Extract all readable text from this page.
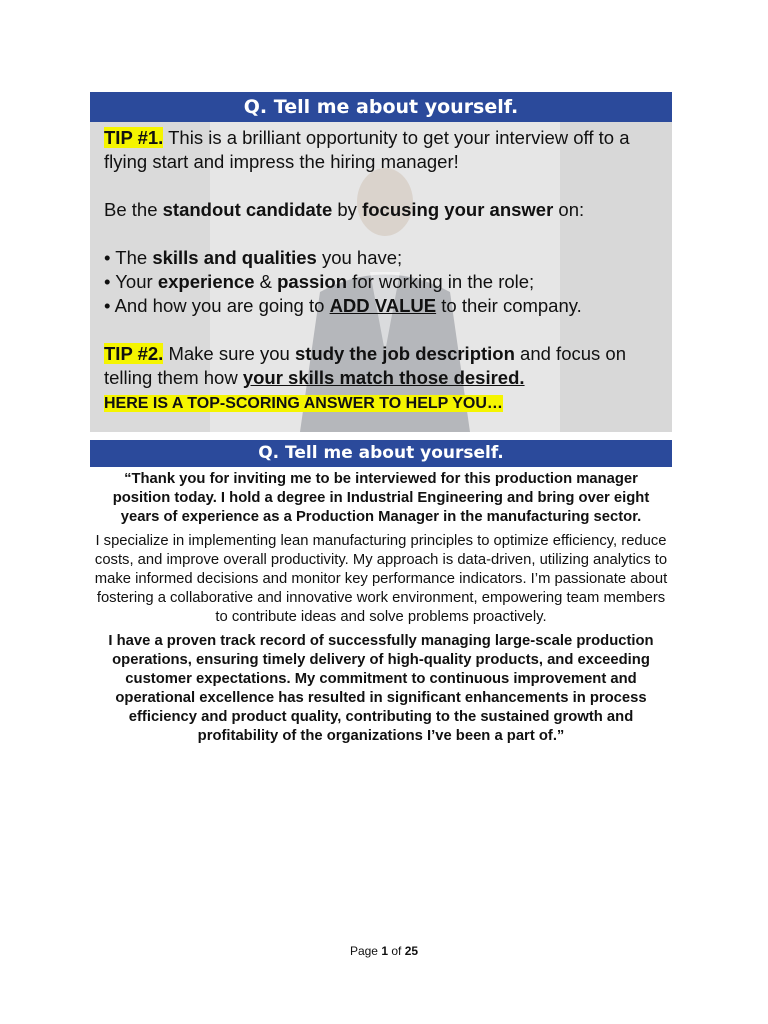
Q. Tell me about yourself.

TIP #1. This is a brilliant opportunity to get your interview off to a flying start and impress the hiring manager!

Be the standout candidate by focusing your answer on:

• The skills and qualities you have;

• Your experience & passion for working in the role;

• And how you are going to ADD VALUE to their company.

TIP #2. Make sure you study the job description and focus on telling them how your skills match those desired.

HERE IS A TOP-SCORING ANSWER TO HELP YOU…

Q. Tell me about yourself.

“Thank you for inviting me to be interviewed for this production manager position today. I hold a degree in Industrial Engineering and bring over eight years of experience as a Production Manager in the manufacturing sector.

I specialize in implementing lean manufacturing principles to optimize efficiency, reduce costs, and improve overall productivity. My approach is data-driven, utilizing analytics to make informed decisions and monitor key performance indicators. I’m passionate about fostering a collaborative and innovative work environment, empowering team members to contribute ideas and solve problems proactively.

I have a proven track record of successfully managing large-scale production operations, ensuring timely delivery of high-quality products, and exceeding customer expectations. My commitment to continuous improvement and operational excellence has resulted in significant enhancements in process efficiency and product quality, contributing to the sustained growth and profitability of the organizations I’ve been a part of.”

Page 1 of 25
